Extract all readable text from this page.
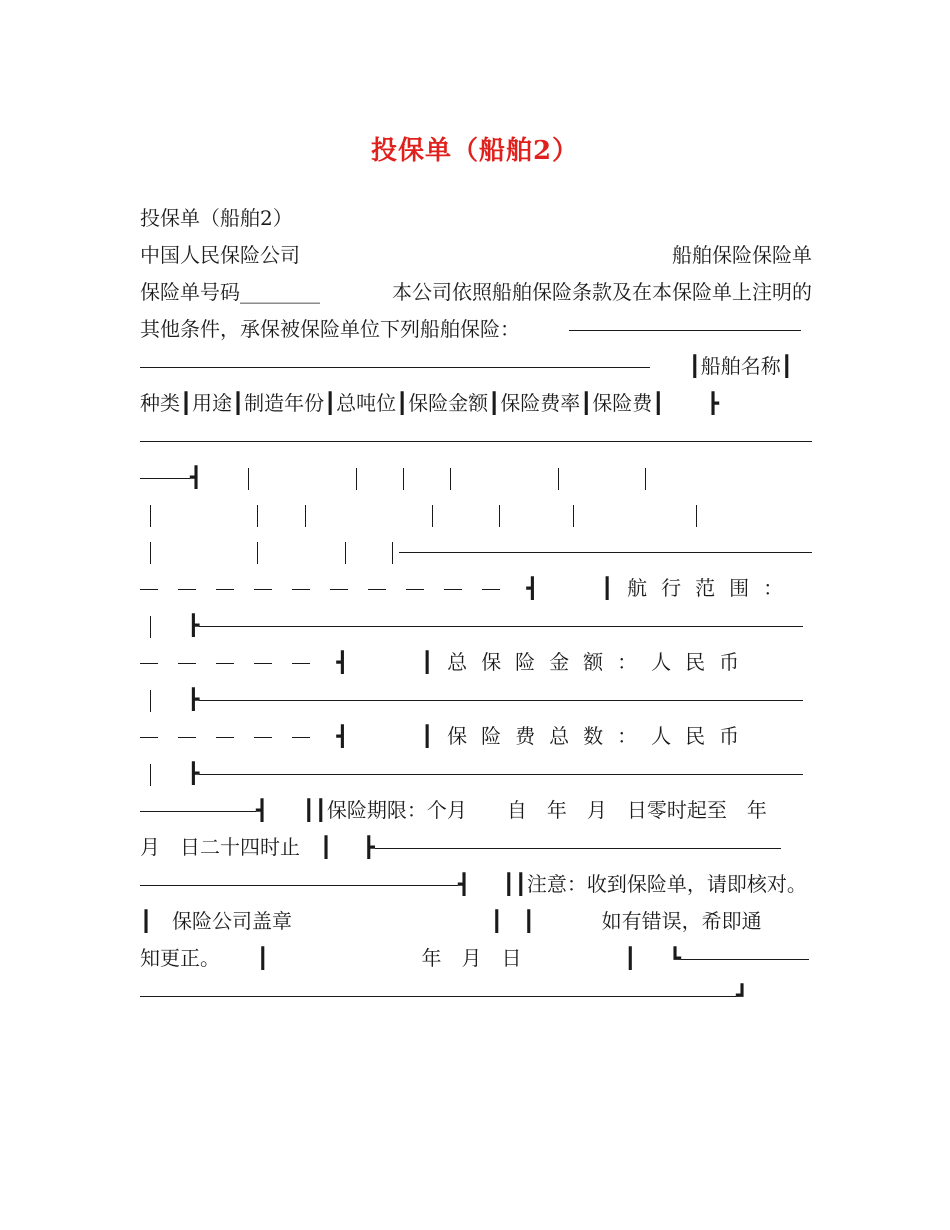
投保单（船舶2）
投保单（船舶2）
中国人民保险公司	船舶保险保险单
保险单号码________	本公司依照船舶保险条款及在本保险单上注明的
其他条件，承保被保险单位下列船舶保险：
┃船舶名称┃
种类┃用途┃制造年份┃总吨位┃保险金额┃保险费率┃保险费┃ ┣
┫

┫	┃航行范围：
┣
┫	┃总保险金额：人民币
┣
┫	┃保险费总数：人民币
┣
┫ ┃┃保险期限：个月　　自　年　月　日零时起至　年
月　日二十四时止　┃ ┣
┫ ┃┃注意：收到保险单，请即核对。
┃　保险公司盖章	┃　┃	如有错误，希即通
知更正。 ┃	年　月　日	┃ ┗
┛
